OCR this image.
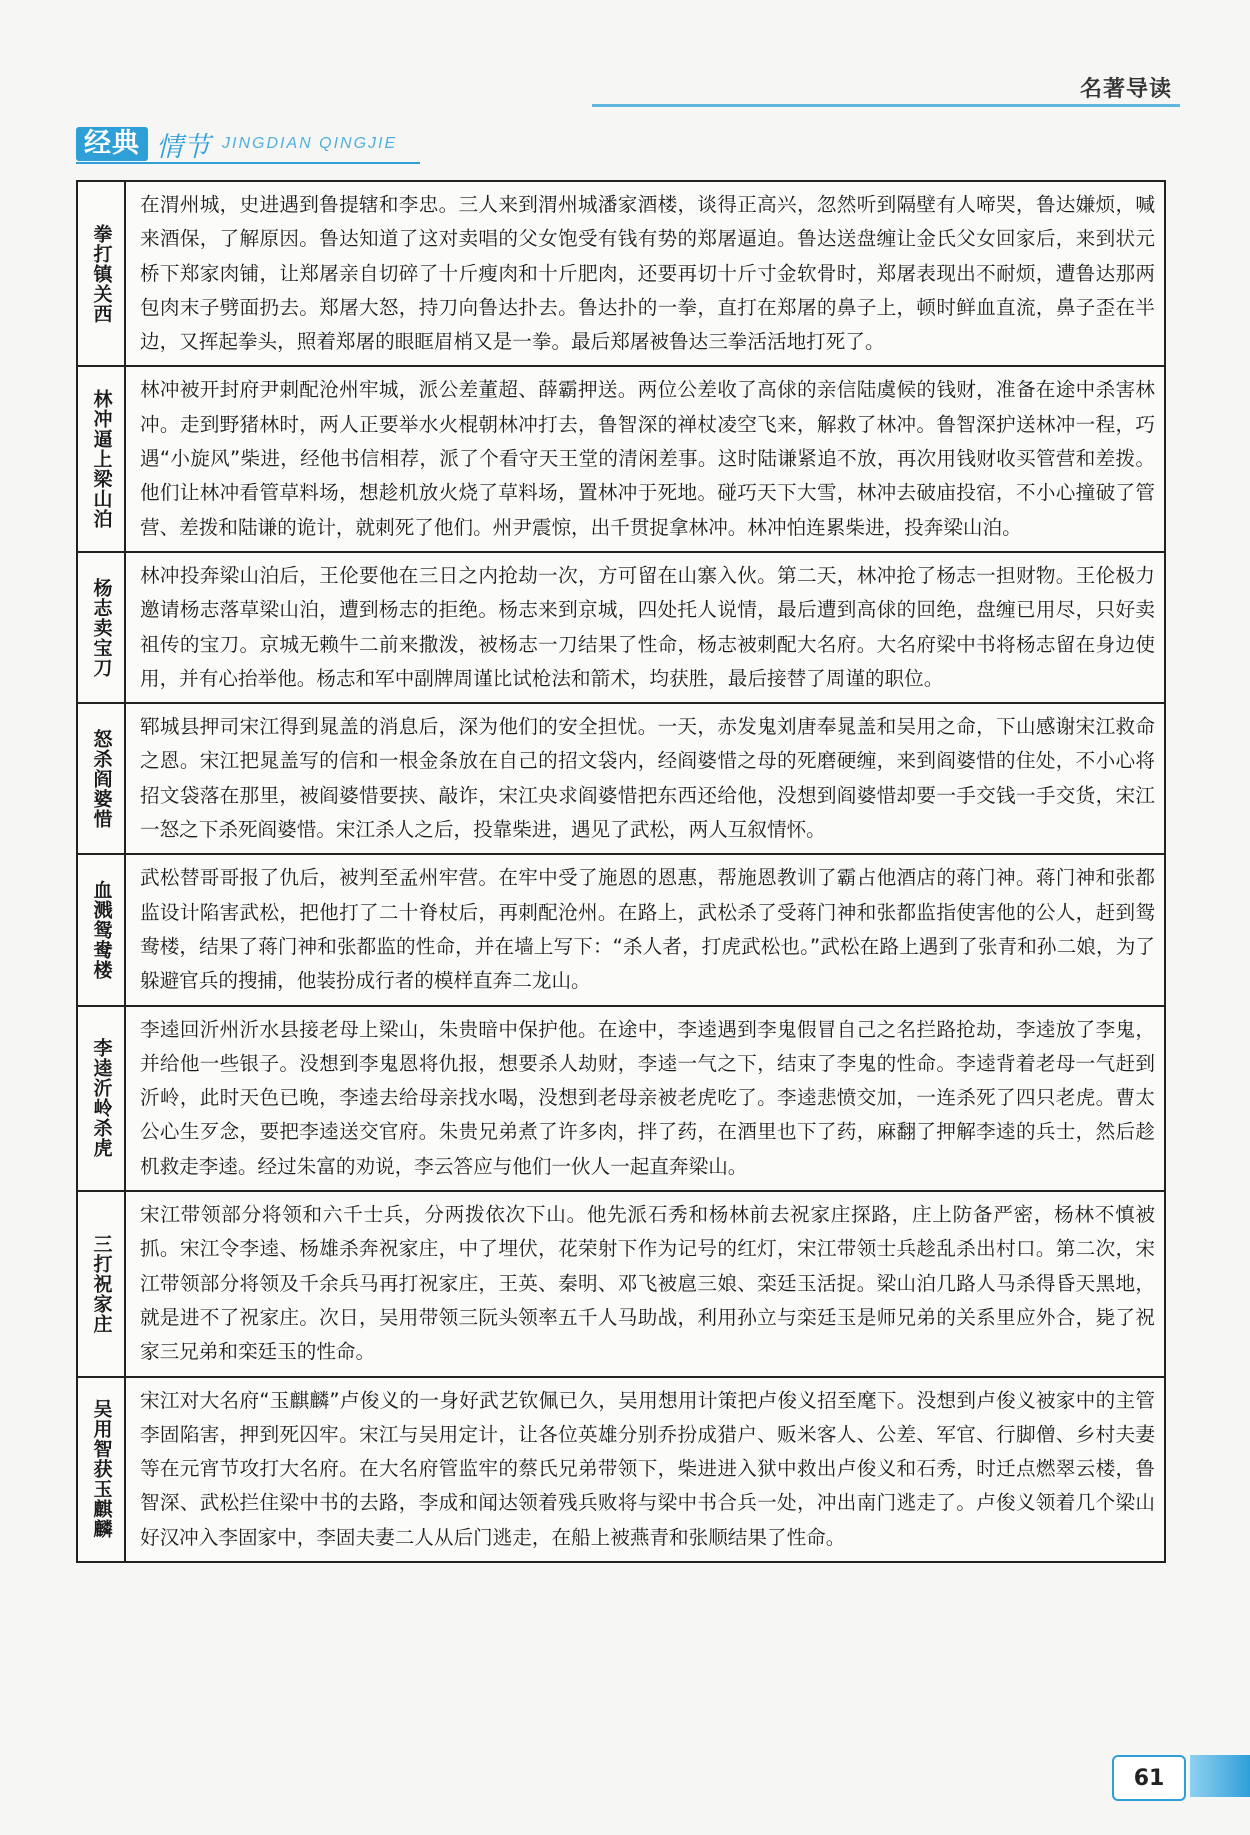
名著导读
经典 情节 JINGDIAN QINGJIE
拳打镇关西
在渭州城，史进遇到鲁提辖和李忠。三人来到渭州城潘家酒楼，谈得正高兴，忽然听到隔壁有人啼哭，鲁达嫌烦，喊来酒保，了解原因。鲁达知道了这对卖唱的父女饱受有钱有势的郑屠逼迫。鲁达送盘缠让金氏父女回家后，来到状元桥下郑家肉铺，让郑屠亲自切碎了十斤瘦肉和十斤肥肉，还要再切十斤寸金软骨时，郑屠表现出不耐烦，遭鲁达那两包肉末子劈面扔去。郑屠大怒，持刀向鲁达扑去。鲁达扑的一拳，直打在郑屠的鼻子上，顿时鲜血直流，鼻子歪在半边，又挥起拳头，照着郑屠的眼眶眉梢又是一拳。最后郑屠被鲁达三拳活活地打死了。
林冲逼上梁山泊	林冲被开封府尹刺配沧州牢城，派公差董超、薛霸押送。两位公差收了高俅的亲信陆虞候的钱财，准备在途中杀害林冲。走到野猪林时，两人正要举水火棍朝林冲打去，鲁智深的禅杖凌空飞来，解救了林冲。鲁智深护送林冲一程，巧遇“小旋风”柴进，经他书信相荐，派了个看守天王堂的清闲差事。这时陆谦紧追不放，再次用钱财收买管营和差拨。他们让林冲看管草料场，想趁机放火烧了草料场，置林冲于死地。碰巧天下大雪，林冲去破庙投宿，不小心撞破了管营、差拨和陆谦的诡计，就刺死了他们。州尹震惊，出千贯捉拿林冲。林冲怕连累柴进，投奔梁山泊。
杨志卖宝刀
林冲投奔梁山泊后，王伦要他在三日之内抢劫一次，方可留在山寨入伙。第二天，林冲抢了杨志一担财物。王伦极力邀请杨志落草梁山泊，遭到杨志的拒绝。杨志来到京城，四处托人说情，最后遭到高俅的回绝，盘缠已用尽，只好卖祖传的宝刀。京城无赖牛二前来撒泼，被杨志一刀结果了性命，杨志被刺配大名府。大名府梁中书将杨志留在身边使用，并有心抬举他。杨志和军中副牌周谨比试枪法和箭术，均获胜，最后接替了周谨的职位。
怒杀阎婆惜
郓城县押司宋江得到晁盖的消息后，深为他们的安全担忧。一天，赤发鬼刘唐奉晁盖和吴用之命，下山感谢宋江救命之恩。宋江把晁盖写的信和一根金条放在自己的招文袋内，经阎婆惜之母的死磨硬缠，来到阎婆惜的住处，不小心将招文袋落在那里，被阎婆惜要挟、敲诈，宋江央求阎婆惜把东西还给他，没想到阎婆惜却要一手交钱一手交货，宋江一怒之下杀死阎婆惜。宋江杀人之后，投靠柴进，遇见了武松，两人互叙情怀。
血溅鸳鸯楼
武松替哥哥报了仇后，被判至孟州牢营。在牢中受了施恩的恩惠，帮施恩教训了霸占他酒店的蒋门神。蒋门神和张都监设计陷害武松，把他打了二十脊杖后，再刺配沧州。在路上，武松杀了受蒋门神和张都监指使害他的公人，赶到鸳鸯楼，结果了蒋门神和张都监的性命，并在墙上写下：“杀人者，打虎武松也。”武松在路上遇到了张青和孙二娘，为了躲避官兵的搜捕，他装扮成行者的模样直奔二龙山。
李逵沂岭杀虎
李逵回沂州沂水县接老母上梁山，朱贵暗中保护他。在途中，李逵遇到李鬼假冒自己之名拦路抢劫，李逵放了李鬼，并给他一些银子。没想到李鬼恩将仇报，想要杀人劫财，李逵一气之下，结束了李鬼的性命。李逵背着老母一气赶到沂岭，此时天色已晚，李逵去给母亲找水喝，没想到老母亲被老虎吃了。李逵悲愤交加，一连杀死了四只老虎。曹太公心生歹念，要把李逵送交官府。朱贵兄弟煮了许多肉，拌了药，在酒里也下了药，麻翻了押解李逵的兵士，然后趁机救走李逵。经过朱富的劝说，李云答应与他们一伙人一起直奔梁山。
三打祝家庄
宋江带领部分将领和六千士兵，分两拨依次下山。他先派石秀和杨林前去祝家庄探路，庄上防备严密，杨林不慎被抓。宋江令李逵、杨雄杀奔祝家庄，中了埋伏，花荣射下作为记号的红灯，宋江带领士兵趁乱杀出村口。第二次，宋江带领部分将领及千余兵马再打祝家庄，王英、秦明、邓飞被扈三娘、栾廷玉活捉。梁山泊几路人马杀得昏天黑地，就是进不了祝家庄。次日，吴用带领三阮头领率五千人马助战，利用孙立与栾廷玉是师兄弟的关系里应外合，毙了祝家三兄弟和栾廷玉的性命。
吴用智获玉麒麟	宋江对大名府“玉麒麟”卢俊义的一身好武艺钦佩已久，吴用想用计策把卢俊义招至麾下。没想到卢俊义被家中的主管李固陷害，押到死囚牢。宋江与吴用定计，让各位英雄分别乔扮成猎户、贩米客人、公差、军官、行脚僧、乡村夫妻等在元宵节攻打大名府。在大名府管监牢的蔡氏兄弟带领下，柴进进入狱中救出卢俊义和石秀，时迁点燃翠云楼，鲁智深、武松拦住梁中书的去路，李成和闻达领着残兵败将与梁中书合兵一处，冲出南门逃走了。卢俊义领着几个梁山好汉冲入李固家中，李固夫妻二人从后门逃走，在船上被燕青和张顺结果了性命。
61
